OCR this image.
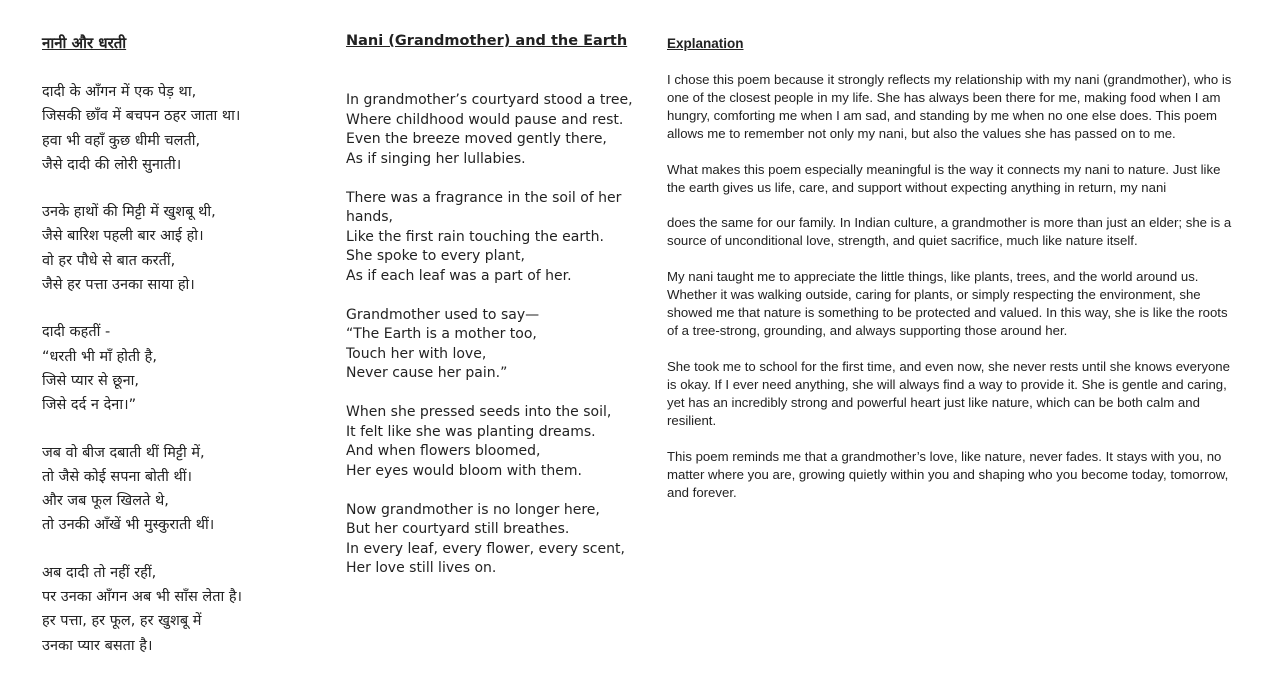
नानी और धरती
दादी के आँगन में एक पेड़ था,
जिसकी छाँव में बचपन ठहर जाता था।
हवा भी वहाँ कुछ धीमी चलती,
जैसे दादी की लोरी सुनाती।
उनके हाथों की मिट्टी में खुशबू थी,
जैसे बारिश पहली बार आई हो।
वो हर पौधे से बात करतीं,
जैसे हर पत्ता उनका साया हो।
दादी कहतीं -
“धरती भी माँ होती है,
जिसे प्यार से छूना,
जिसे दर्द न देना।”
जब वो बीज दबाती थीं मिट्टी में,
तो जैसे कोई सपना बोती थीं।
और जब फूल खिलते थे,
तो उनकी आँखें भी मुस्कुराती थीं।
अब दादी तो नहीं रहीं,
पर उनका आँगन अब भी साँस लेता है।
हर पत्ता, हर फूल, हर खुशबू में
उनका प्यार बसता है।
Nani (Grandmother) and the Earth
In grandmother’s courtyard stood a tree,
Where childhood would pause and rest.
Even the breeze moved gently there,
As if singing her lullabies.
There was a fragrance in the soil of her
hands,
Like the first rain touching the earth.
She spoke to every plant,
As if each leaf was a part of her.
Grandmother used to say—
“The Earth is a mother too,
Touch her with love,
Never cause her pain.”
When she pressed seeds into the soil,
It felt like she was planting dreams.
And when flowers bloomed,
Her eyes would bloom with them.
Now grandmother is no longer here,
But her courtyard still breathes.
In every leaf, every flower, every scent,
Her love still lives on.
Explanation

I chose this poem because it strongly reflects my relationship with my nani (grandmother), who is one of the closest people in my life. She has always been there for me, making food when I am hungry, comforting me when I am sad, and standing by me when no one else does. This poem allows me to remember not only my nani, but also the values she has passed on to me.

What makes this poem especially meaningful is the way it connects my nani to nature. Just like the earth gives us life, care, and support without expecting anything in return, my nani

does the same for our family. In Indian culture, a grandmother is more than just an elder; she is a source of unconditional love, strength, and quiet sacrifice, much like nature itself.

My nani taught me to appreciate the little things, like plants, trees, and the world around us. Whether it was walking outside, caring for plants, or simply respecting the environment, she showed me that nature is something to be protected and valued. In this way, she is like the roots of a tree-strong, grounding, and always supporting those around her.

She took me to school for the first time, and even now, she never rests until she knows everyone is okay. If I ever need anything, she will always find a way to provide it. She is gentle and caring, yet has an incredibly strong and powerful heart just like nature, which can be both calm and resilient.

This poem reminds me that a grandmother’s love, like nature, never fades. It stays with you, no matter where you are, growing quietly within you and shaping who you become today, tomorrow, and forever.
